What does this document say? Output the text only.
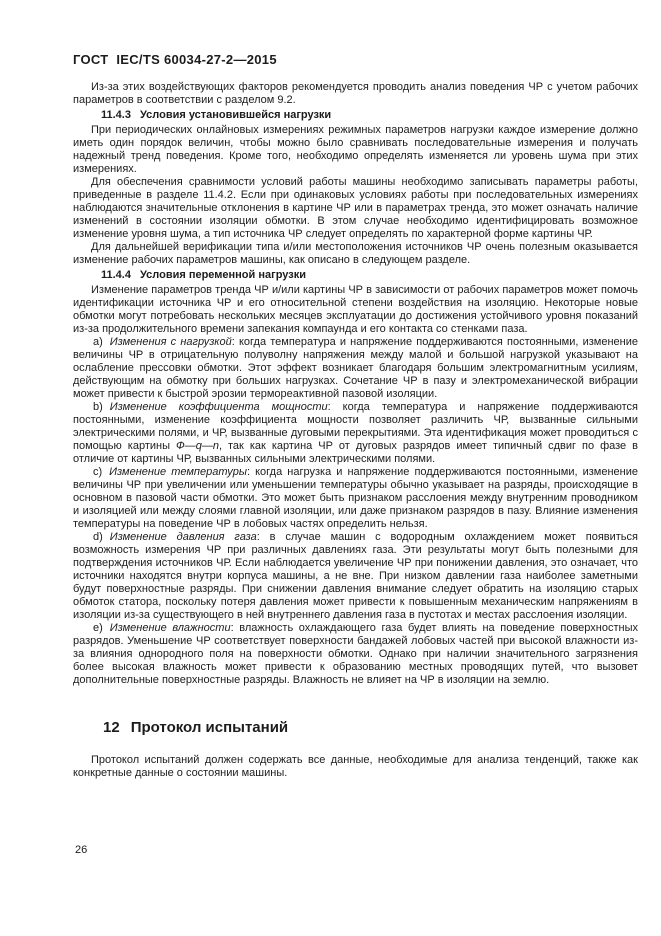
ГОСТ  IEC/TS 60034-27-2—2015

Из-за этих воздействующих факторов рекомендуется проводить анализ поведения ЧР с учетом рабочих параметров в соответствии с разделом 9.2.

11.4.3 Условия установившейся нагрузки

При периодических онлайновых измерениях режимных параметров нагрузки каждое измерение должно иметь один порядок величин, чтобы можно было сравнивать последовательные измерения и получать надежный тренд поведения. Кроме того, необходимо определять изменяется ли уровень шума при этих измерениях.

Для обеспечения сравнимости условий работы машины необходимо записывать параметры работы, приведенные в разделе 11.4.2. Если при одинаковых условиях работы при последовательных измерениях наблюдаются значительные отклонения в картине ЧР или в параметрах тренда, это может означать наличие изменений в состоянии изоляции обмотки. В этом случае необходимо идентифицировать возможное изменение уровня шума, а тип источника ЧР следует определять по характерной форме картины ЧР.

Для дальнейшей верификации типа и/или местоположения источников ЧР очень полезным оказывается изменение рабочих параметров машины, как описано в следующем разделе.

11.4.4 Условия переменной нагрузки

Изменение параметров тренда ЧР и/или картины ЧР в зависимости от рабочих параметров может помочь идентификации источника ЧР и его относительной степени воздействия на изоляцию. Некоторые новые обмотки могут потребовать нескольких месяцев эксплуатации до достижения устойчивого уровня показаний из-за продолжительного времени запекания компаунда и его контакта со стенками паза.

a) Изменения с нагрузкой: когда температура и напряжение поддерживаются постоянными, изменение величины ЧР в отрицательную полуволну напряжения между малой и большой нагрузкой указывают на ослабление прессовки обмотки. Этот эффект возникает благодаря большим электромагнитным усилиям, действующим на обмотку при больших нагрузках. Сочетание ЧР в пазу и электромеханической вибрации может привести к быстрой эрозии термореактивной пазовой изоляции.

b) Изменение коэффициента мощности: когда температура и напряжение поддерживаются постоянными, изменение коэффициента мощности позволяет различить ЧР, вызванные сильными электрическими полями, и ЧР, вызванные дуговыми перекрытиями. Эта идентификация может проводиться с помощью картины Ф—q—n, так как картина ЧР от дуговых разрядов имеет типичный сдвиг по фазе в отличие от картины ЧР, вызванных сильными электрическими полями.

c) Изменение температуры: когда нагрузка и напряжение поддерживаются постоянными, изменение величины ЧР при увеличении или уменьшении температуры обычно указывает на разряды, происходящие в основном в пазовой части обмотки. Это может быть признаком расслоения между внутренним проводником и изоляцией или между слоями главной изоляции, или даже признаком разрядов в пазу. Влияние изменения температуры на поведение ЧР в лобовых частях определить нельзя.

d) Изменение давления газа: в случае машин с водородным охлаждением может появиться возможность измерения ЧР при различных давлениях газа. Эти результаты могут быть полезными для подтверждения источников ЧР. Если наблюдается увеличение ЧР при понижении давления, это означает, что источники находятся внутри корпуса машины, а не вне. При низком давлении газа наиболее заметными будут поверхностные разряды. При снижении давления внимание следует обратить на изоляцию старых обмоток статора, поскольку потеря давления может привести к повышенным механическим напряжениям в изоляции из-за существующего в ней внутреннего давления газа в пустотах и местах расслоения изоляции.

e) Изменение влажности: влажность охлаждающего газа будет влиять на поведение поверхностных разрядов. Уменьшение ЧР соответствует поверхности бандажей лобовых частей при высокой влажности из-за влияния однородного поля на поверхности обмотки. Однако при наличии значительного загрязнения более высокая влажность может привести к образованию местных проводящих путей, что вызовет дополнительные поверхностные разряды. Влажность не влияет на ЧР в изоляции на землю.

12 Протокол испытаний

Протокол испытаний должен содержать все данные, необходимые для анализа тенденций, также как конкретные данные о состоянии машины.

26
